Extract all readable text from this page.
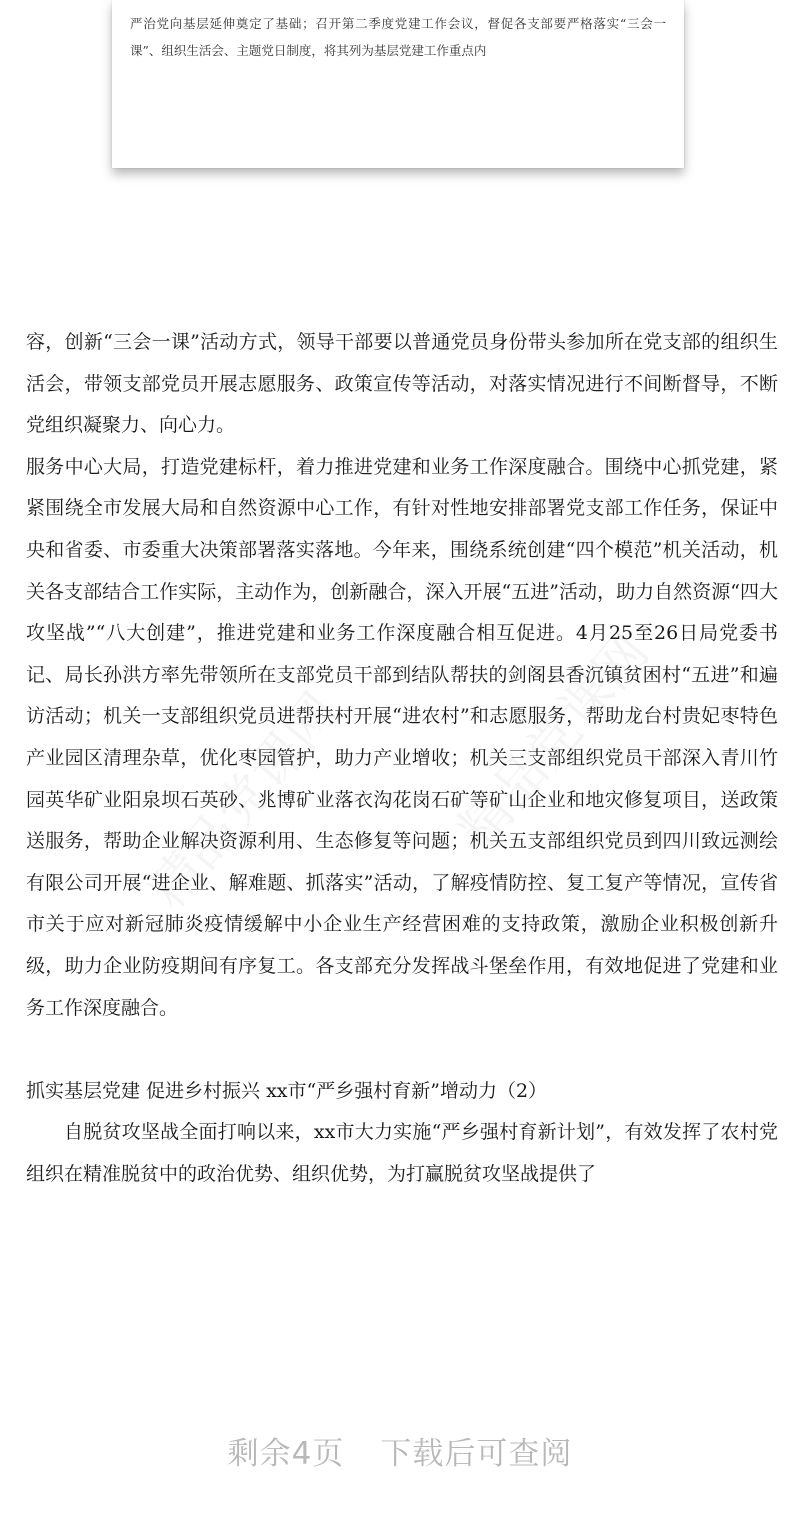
严治党向基层延伸奠定了基础；召开第二季度党建工作会议，督促各支部要严格落实“三会一课”、组织生活会、主题党日制度，将其列为基层党建工作重点内
精品党课网 精品党课网

容，创新“三会一课”活动方式，领导干部要以普通党员身份带头参加所在党支部的组织生活会，带领支部党员开展志愿服务、政策宣传等活动，对落实情况进行不间断督导，不断党组织凝聚力、向心力。

服务中心大局，打造党建标杆，着力推进党建和业务工作深度融合。围绕中心抓党建，紧紧围绕全市发展大局和自然资源中心工作，有针对性地安排部署党支部工作任务，保证中央和省委、市委重大决策部署落实落地。今年来，围绕系统创建“四个模范”机关活动，机关各支部结合工作实际，主动作为，创新融合，深入开展“五进”活动，助力自然资源“四大攻坚战”“八大创建”，推进党建和业务工作深度融合相互促进。4月25至26日局党委书记、局长孙洪方率先带领所在支部党员干部到结队帮扶的剑阁县香沉镇贫困村“五进”和遍访活动；机关一支部组织党员进帮扶村开展“进农村”和志愿服务，帮助龙台村贵妃枣特色产业园区清理杂草，优化枣园管护，助力产业增收；机关三支部组织党员干部深入青川竹园英华矿业阳泉坝石英砂、兆博矿业落衣沟花岗石矿等矿山企业和地灾修复项目，送政策送服务，帮助企业解决资源利用、生态修复等问题；机关五支部组织党员到四川致远测绘有限公司开展“进企业、解难题、抓落实”活动，了解疫情防控、复工复产等情况，宣传省市关于应对新冠肺炎疫情缓解中小企业生产经营困难的支持政策，激励企业积极创新升级，助力企业防疫期间有序复工。各支部充分发挥战斗堡垒作用，有效地促进了党建和业务工作深度融合。

抓实基层党建 促进乡村振兴 xx市“严乡强村育新”增动力（2）

自脱贫攻坚战全面打响以来，xx市大力实施“严乡强村育新计划”，有效发挥了农村党组织在精准脱贫中的政治优势、组织优势，为打赢脱贫攻坚战提供了

剩余4页 下载后可查阅
